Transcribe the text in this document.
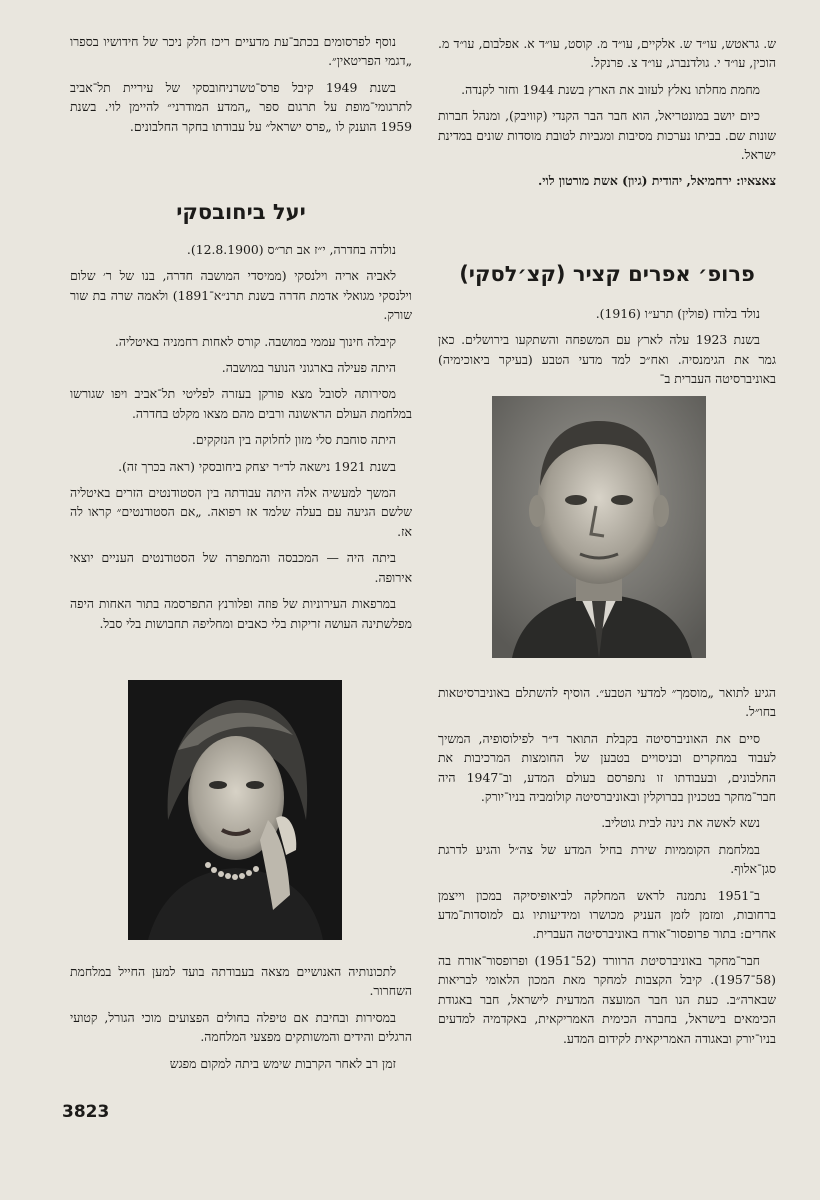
ש. גראטש, עו״ד ש. אלקיים, עו״ד מ. קוסט, עו״ד א. אפלבום, עו״ד מ. הוכין, עו״ד י. גולדנברג, עו״ד צ. פרנקל.

מחמת מחלתו נאלץ לעזוב את הארץ בשנת 1944 וחזר לקנדה.

כיום יושב במונטריאל, הוא חבר הבר הקנדי (קוויבק), ומנהל חברות שונות שם. בביתו נערכות מסיבות ומגביות לטובת מוסדות שונים במדינת ישראל.

צאצאיו: ירחמיאל, יהודית (גיון) אשת מורטון לוי.

פרופ׳ אפרים קציר (קצ׳לסקי)

נולד בלודז (פולין) תרע״ו (1916).

בשנת 1923 עלה לארץ עם המשפחה והשתקעו בירושלים. כאן גמר את הגימנסיה. ואח״כ למד מדעי הטבע (בעיקר ביאוכימיה) באוניברסיטה העברית ב־

הגיע לתואר „מוסמך״ למדעי הטבע״. הוסיף להשתלם באוניברסיטאות בחו״ל.

סיים את האוניברסיטה בקבלת התואר ד״ר לפילוסופיה, המשיך לעבוד במחקרים ובניסויים בטבען של החומצות המרכיבות את החלבונים, ובעבודתו זו נתפרסם בעולם המדע, וב־1947 היה חבר־מחקר בטכניון בברוקלין ובאוניברסיטה קולומביה בניו־יורק.

נשא לאשה את נינה לבית גוטליב.

במלחמת הקוממיות שירת בחיל המדע של צה״ל והגיע לדרגת סגן־אלוף.

ב־1951 נתמנה לראש המחלקה לביאופיסיקה במכון וייצמן ברחובות, ומזמן לזמן העניק מכושרו ומידיעותיו גם למוסדות־מדע אחרים: בתור פרופסור־אורח באוניברסיטה העברית.

חבר־מחקר באוניברסיטת הרוורד (52־1951) ופרופסור־אורח בה (58־1957). קיבל הקצבות למחקר מאת המכון הלאומי לבריאות שבארה״ב. כעת הנו חבר המועצה המדעית לישראל, חבר באגודת הכימאים בישראל, בחברה הכימית האמריקאית, באקדמיה למדעים בניו־יורק ובאגודה האמריקאית לקידום המדע.

נוסף לפרסומים בכתב־עת מדעיים ריכז חלק ניכר של חידושיו בספרו „דגמי הפריטאין״.

בשנת 1949 קיבל פרס־טשרניחובסקי של עיריית תל־אביב לתרגומי־מופת על תרגום ספר „המדע המודרני״ להיימן לוי. בשנת 1959 הוענק לו „פרס ישראל״ על עבודתו בחקר החלבונים.

יעל ביחובסקי

נולדה בחדרה, י״ז אב תר״ס (12.8.1900).

לאביה אריה וילנסקי (ממיסדי המושבה חדרה, בנו של ר׳ שלום וילנסקי מגואלי אדמת חדרה בשנת תרנ״א־1891) ולאמה שרה בת שור שורק.

קיבלה חינוך עממי במושבה. קורס לאחות רחמניה באיטליה.

היתה פעילה בארגוני הנוער במושבה.

מסירותה לסובל מצא פורקן בעזרה לפליטי תל־אביב ויפו שגורשו במלחמת העולם הראשונה ורבים מהם מצאו מקלט בחדרה.

היתה סוחבת סלי מזון לחלוקה בין הנזקקים.

בשנת 1921 נישאה לד״ר יצחק ביחובסקי (ראה בכרך זה).

המשך למעשיה אלה היתה עבודתה בין הסטודנטים הזרים באיטליה שלשם הגיעה עם בעלה שלמד אז רפואה. „אם הסטודנטים״ קראו לה אז.

ביתה היה — המכבסה והמתפרה של הסטודנטים העניים יוצאי אירופה.

במרפאות העירוניות של פוזה ופלורנץ התפרסמה בתור האחות היפה מפלשתינה העושה זריקות בלי כאבים ומחליפה תחבושות בלי סבל.

לתכונותיה האנושיים מצאה בעבודתה בועד למען החייל במלחמת השחרור.

במסירות ובחיבת אם טיפלה בחולים הפצועים מוכי הגורל, קטועי הרגלים והידים והמשותקים מפצעי המלחמה.

זמן רב לאחר הקרבות שימש ביתה למקום מפגש

3823
